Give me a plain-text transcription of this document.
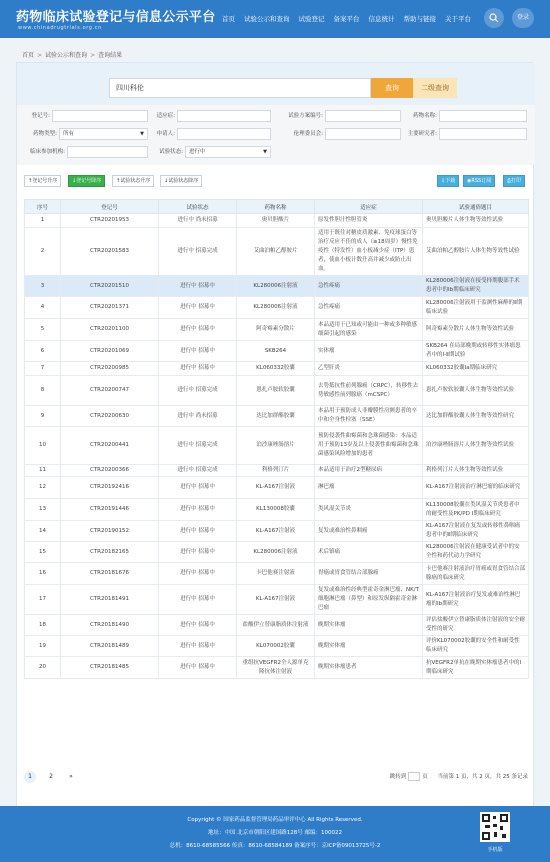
药物临床试验登记与信息公示平台
www.chinadrugtrials.org.cn
首页 试验公示和查询 试验登记 备案平台 信息统计 帮助与链接 关于平台	登录
首页 > 试验公示和查询 > 查询结果
四川科伦	查询	二级查询
登记号:	适应症:	试验方案编号:	药物名称:
药物类型:	所有	▼ 申请人:	伦理委员会:	主要研究者:
临床参加机构:	试验状态:	进行中	▼
↑登记号升序	↓登记号降序	↑试验状态升序	↓试验状态降序	⇩下载	◉RSS订阅	⎙打印
序号	登记号	试验状态	药物名称	适应症	试验通俗题目
1	CTR20201953	进行中 尚未招募	奥贝胆酸片	原发性胆汁性胆管炎	奥贝胆酸片人体生物等效性试验
2	CTR20201583	进行中 招募完成	艾曲泊帕乙醇胺片	适用于既往对糖皮质激素、免疫球蛋白等治疗反应不佳的成人（≥18周岁）慢性免疫性（特发性）血小板减少症（ITP）患者，使血小板计数升高并减少或防止出血。	艾曲泊帕乙醇胺片人体生物等效性试验
3	CTR20201510	进行中 招募中	KL280006注射液	急性疼痛	KL280006注射液在接受择期腹部手术患者中的Ⅰb期临床研究
4	CTR20201371	进行中 招募中	KL280006注射液	急性疼痛	KL280006注射液用于监测性麻醉的Ⅱ期临床试验
5	CTR20201100	进行中 招募中	阿奇霉素分散片	本品适用于已知或可能由一种或多种敏感细菌引起的感染	阿奇霉素分散片人体生物等效性试验
6	CTR20201069	进行中 招募中	SKB264	实体瘤	SKB264 在局部晚期或转移性实体瘤患者中的Ⅰ-Ⅱ期试验
7	CTR20200985	进行中 招募中	KL060332胶囊	乙型肝炎	KL060332胶囊Ⅰa期临床研究
8	CTR20200747	进行中 招募完成	恩扎卢胺软胶囊	去势抵抗性前列腺癌（CRPC），转移性去势敏感性前列腺癌（mCSPC）	恩扎卢胺软胶囊人体生物等效性试验
9	CTR20200630	进行中 尚未招募	达比加群酯胶囊	本品用于预防成人非瓣膜性房颤患者的卒中和全身性栓塞（SSE）	达比加群酯胶囊人体生物等效性研究
10	CTR20200441	进行中 招募完成	泊沙康唑肠溶片	预防侵袭性曲霉菌和念珠菌感染：本品适用于预防13岁及以上侵袭性曲霉菌和念珠菌感染风险增加的患者	泊沙康唑肠溶片人体生物等效性试验
11	CTR20200366	进行中 招募完成	利格列汀片	本品适用于治疗2型糖尿病	利格列汀片人体生物等效性试验
12	CTR20192416	进行中 招募中	KL-A167注射液	淋巴瘤	KL-A167注射液治疗淋巴瘤的临床研究
13	CTR20191446	进行中 招募中	KL130008胶囊	类风湿关节炎	KL130008胶囊在类风湿关节炎患者中的耐受性及PK/PD Ⅰ期临床研究
14	CTR20190152	进行中 招募中	KL-A167注射液	复发或难治性鼻咽癌	KL-A167注射液在复发或转移性鼻咽癌患者中的Ⅱ期临床研究
15	CTR20182165	进行中 招募中	KL280006注射液	术后镇痛	KL280006注射液在健康受试者中的安全性和药代动力学研究
16	CTR20181676	进行中 招募中	卡巴他赛注射液	胃癌或胃食管结合部腺癌	卡巴他赛注射液治疗胃癌或胃食管结合部腺癌的临床研究
17	CTR20181491	进行中 招募中	KL-A167注射液	复发或难治性经典型霍奇金淋巴瘤、NK/T细胞淋巴瘤（鼻型）和原发纵隔霍奇金淋巴瘤	KL-A167注射液治疗复发或难治性淋巴瘤的Ⅰb期研究
18	CTR20181490	进行中 招募中	盐酸伊立替康脂质体注射液	晚期实体瘤	评估盐酸伊立替康脂质体注射液的安全耐受性的研究
19	CTR20181489	进行中 招募中	KL070002胶囊	晚期实体瘤	评价KL070002胶囊的安全性和耐受性临床研究
20	CTR20181485	进行中 招募中	重组抗VEGFR2全人源单克隆抗体注射液	晚期实体瘤患者	抗VEGFR2单抗在晚期实体瘤患者中的Ⅰ期临床研究
1	2	»	跳转到	页 当前第 1 页，共 2 页，共 25 条记录
Copyright © 国家药品监督管理局药品审评中心 All Rights Reserved.
地址：中国 北京市朝阳区建国路128号 邮编：100022
总机：8610-68585566 传真：8610-68584189 备案序号：京ICP备09013725号-2
手机版
